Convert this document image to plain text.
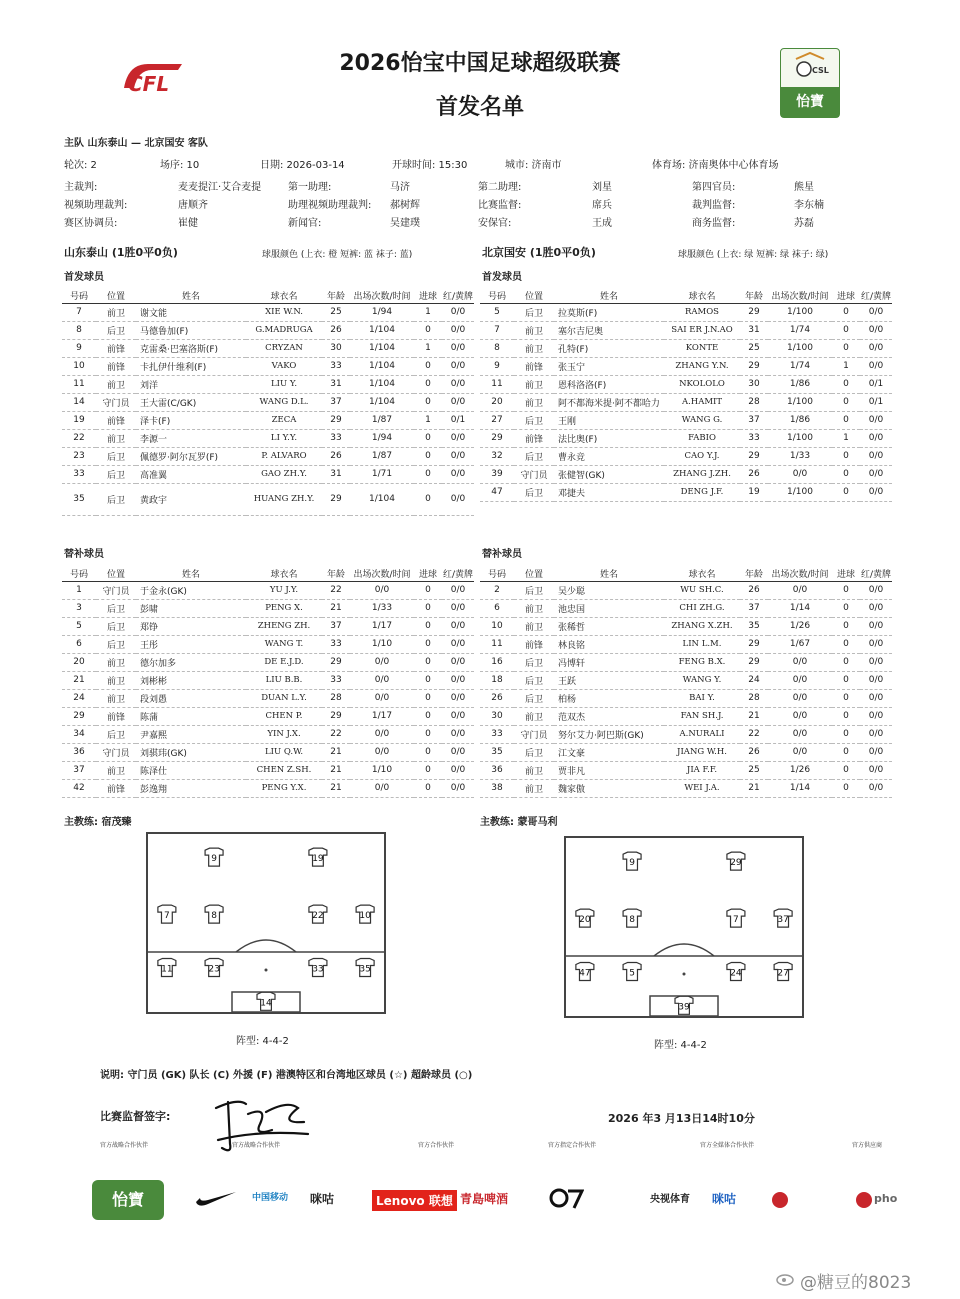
CFL
2026怡宝中国足球超级联赛
首发名单
CSL
怡寶
主队 山东泰山 — 北京国安 客队
轮次: 2	场序: 10	日期: 2026-03-14	开球时间: 15:30	城市: 济南市	体育场: 济南奥体中心体育场
主裁判:	麦麦提江·艾合麦提	第一助理:	马济	第二助理:	刘星	第四官员:	熊星
视频助理裁判:	唐顺齐	助理视频助理裁判: 郝树辉	比赛监督:	席兵	裁判监督:	李东楠
赛区协调员:	崔健	新闻官:	吴建璞	安保官:	王成	商务监督:	苏磊
山东泰山 (1胜0平0负)	球服颜色 (上衣: 橙 短裤: 蓝 袜子: 蓝)	北京国安 (1胜0平0负)	球服颜色 (上衣: 绿 短裤: 绿 袜子: 绿)
首发球员	首发球员
号码	位置	姓名	球衣名	年龄	出场次数/时间	进球	红/黄牌
7	前卫	谢文能	XIE W.N.	25	1/94	1	0/0
8	后卫	马德鲁加(F)	G.MADRUGA	26	1/104	0	0/0
9	前锋	克雷桑·巴塞洛斯(F)	CRYZAN	30	1/104	1	0/0
10	前锋	卡扎伊什维利(F)	VAKO	33	1/104	0	0/0
11	前卫	刘洋	LIU Y.	31	1/104	0	0/0
14	守门员	王大雷(C/GK)	WANG D.L.	37	1/104	0	0/0
19	前锋	泽卡(F)	ZECA	29	1/87	1	0/1
22	前卫	李源一	LI Y.Y.	33	1/94	0	0/0
23	后卫	佩德罗·阿尔瓦罗(F)	P. ALVARO	26	1/87	0	0/0
33	后卫	高准翼	GAO ZH.Y.	31	1/71	0	0/0
35	后卫	黄政宇	HUANG ZH.Y.	29	1/104	0	0/0
号码	位置	姓名	球衣名	年龄	出场次数/时间	进球	红/黄牌
5	后卫	拉莫斯(F)	RAMOS	29	1/100	0	0/0
7	前卫	塞尔吉尼奥	SAI ER J.N.AO	31	1/74	0	0/0
8	前卫	孔特(F)	KONTE	25	1/100	0	0/0
9	前锋	张玉宁	ZHANG Y.N.	29	1/74	1	0/0
11	前卫	恩科洛洛(F)	NKOLOLO	30	1/86	0	0/1
20	前卫	阿不都海米提·阿不都哈力	A.HAMIT	28	1/100	0	0/1
27	后卫	王刚	WANG G.	37	1/86	0	0/0
29	前锋	法比奥(F)	FABIO	33	1/100	1	0/0
32	后卫	曹永竞	CAO Y.J.	29	1/33	0	0/0
39	守门员	张健智(GK)	ZHANG J.ZH.	26	0/0	0	0/0
47	后卫	邓捷夫	DENG J.F.	19	1/100	0	0/0
替补球员	替补球员
号码	位置	姓名	球衣名	年龄	出场次数/时间	进球	红/黄牌
1	守门员	于金永(GK)	YU J.Y.	22	0/0	0	0/0
3	后卫	彭啸	PENG X.	21	1/33	0	0/0
5	后卫	郑铮	ZHENG ZH.	37	1/17	0	0/0
6	后卫	王彤	WANG T.	33	1/10	0	0/0
20	前卫	德尔加多	DE E.J.D.	29	0/0	0	0/0
21	前卫	刘彬彬	LIU B.B.	33	0/0	0	0/0
24	前卫	段刘愚	DUAN L.Y.	28	0/0	0	0/0
29	前锋	陈蒲	CHEN P.	29	1/17	0	0/0
34	后卫	尹嘉熙	YIN J.X.	22	0/0	0	0/0
36	守门员	刘骐玮(GK)	LIU Q.W.	21	0/0	0	0/0
37	前卫	陈泽仕	CHEN Z.SH.	21	1/10	0	0/0
42	前锋	彭逸翔	PENG Y.X.	21	0/0	0	0/0
号码	位置	姓名	球衣名	年龄	出场次数/时间	进球	红/黄牌
2	后卫	吴少聪	WU SH.C.	26	0/0	0	0/0
6	前卫	池忠国	CHI ZH.G.	37	1/14	0	0/0
10	前卫	张稀哲	ZHANG X.ZH.	35	1/26	0	0/0
11	前锋	林良铭	LIN L.M.	29	1/67	0	0/0
16	后卫	冯博轩	FENG B.X.	29	0/0	0	0/0
18	后卫	王跃	WANG Y.	24	0/0	0	0/0
26	后卫	柏杨	BAI Y.	28	0/0	0	0/0
30	前卫	范双杰	FAN SH.J.	21	0/0	0	0/0
33	守门员	努尔艾力·阿巴斯(GK)	A.NURALI	22	0/0	0	0/0
35	后卫	江文豪	JIANG W.H.	26	0/0	0	0/0
36	前卫	贾非凡	JIA F.F.	25	1/26	0	0/0
38	前卫	魏家傲	WEI J.A.	21	1/14	0	0/0
主教练: 宿茂臻	主教练: 蒙哥马利
9	19
7	8	22	10
11	23	33	35
14
9	29
20	8	7	37
47	5	24	27
39
阵型: 4-4-2	阵型: 4-4-2
说明: 守门员 (GK) 队长 (C) 外援 (F) 港澳特区和台湾地区球员 (☆) 超龄球员 (○)
比赛监督签字:	2026 年3 月13日14时10分
官方战略合作伙伴	官方战略合作伙伴	官方合作伙伴	官方指定合作伙伴	官方全媒体合作伙伴	官方供应商
怡寶	中国移动 咪咕	Lenovo 联想 青島啤酒	央视体育 咪咕	pho
@糖豆的8023
